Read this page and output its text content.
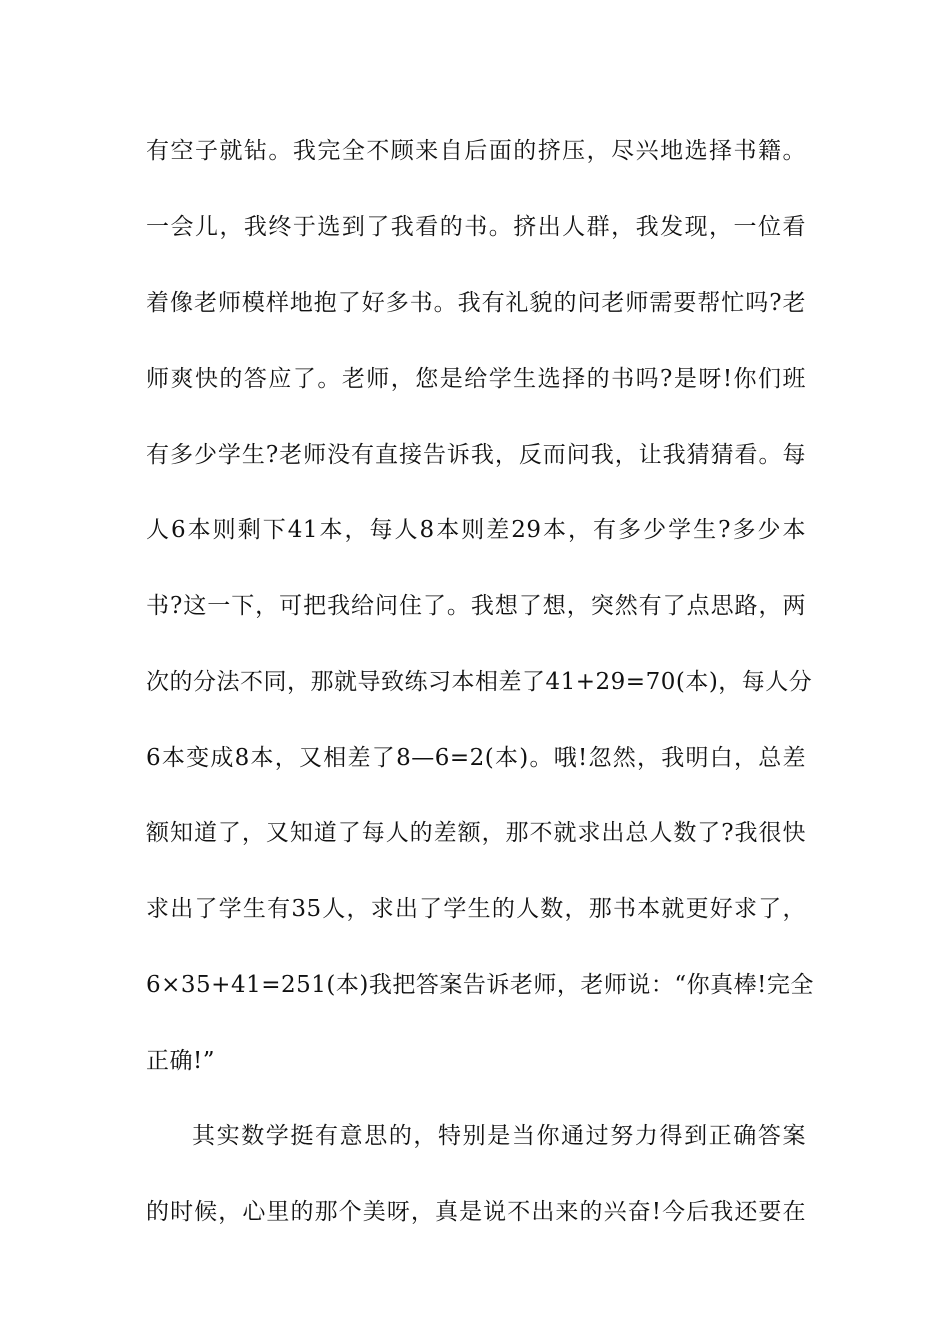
有空子就钻。我完全不顾来自后面的挤压，尽兴地选择书籍。
一会儿，我终于选到了我看的书。挤出人群，我发现，一位看
着像老师模样地抱了好多书。我有礼貌的问老师需要帮忙吗?老
师爽快的答应了。老师，您是给学生选择的书吗?是呀!你们班
有多少学生?老师没有直接告诉我，反而问我，让我猜猜看。每
人6本则剩下41本，每人8本则差29本，有多少学生?多少本
书?这一下，可把我给问住了。我想了想，突然有了点思路，两
次的分法不同，那就导致练习本相差了41+29=70(本)，每人分
6本变成8本，又相差了8—6=2(本)。哦!忽然，我明白，总差
额知道了，又知道了每人的差额，那不就求出总人数了?我很快
求出了学生有35人，求出了学生的人数，那书本就更好求了，
6×35+41=251(本)我把答案告诉老师，老师说：“你真棒!完全
正确!”
其实数学挺有意思的，特别是当你通过努力得到正确答案
的时候，心里的那个美呀，真是说不出来的兴奋!今后我还要在
